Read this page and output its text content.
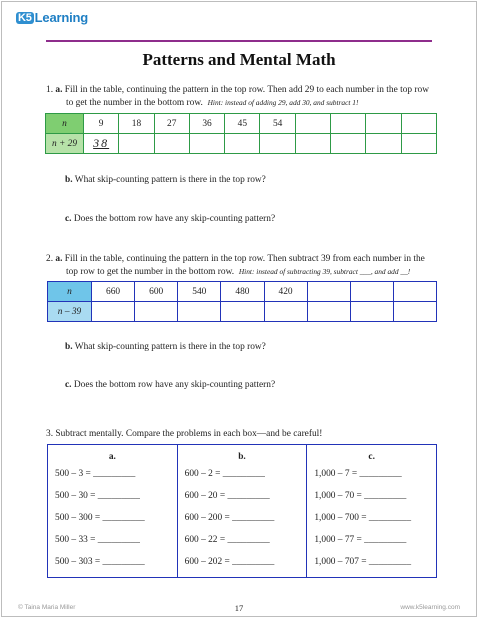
K5 Learning
Patterns and Mental Math
1. a. Fill in the table, continuing the pattern in the top row. Then add 29 to each number in the top row
to get the number in the bottom row. Hint: instead of adding 29, add 30, and subtract 1!
n	9	18	27	36	45	54				
n + 29	38									
b. What skip-counting pattern is there in the top row?
c. Does the bottom row have any skip-counting pattern?
2. a. Fill in the table, continuing the pattern in the top row. Then subtract 39 from each number in the
top row to get the number in the bottom row. Hint: instead of subtracting 39, subtract ___, and add __!
n	660	600	540	480	420			
n – 39								
b. What skip-counting pattern is there in the top row?
c. Does the bottom row have any skip-counting pattern?
3. Subtract mentally. Compare the problems in each box—and be careful!
a.
500 – 3 = _________
500 – 30 = _________
500 – 300 = _________
500 – 33 = _________
500 – 303 = _________
b.
600 – 2 = _________
600 – 20 = _________
600 – 200 = _________
600 – 22 = _________
600 – 202 = _________
c.
1,000 – 7 = _________
1,000 – 70 = _________
1,000 – 700 = _________
1,000 – 77 = _________
1,000 – 707 = _________
© Taina Maria Miller	17	www.k5learning.com
